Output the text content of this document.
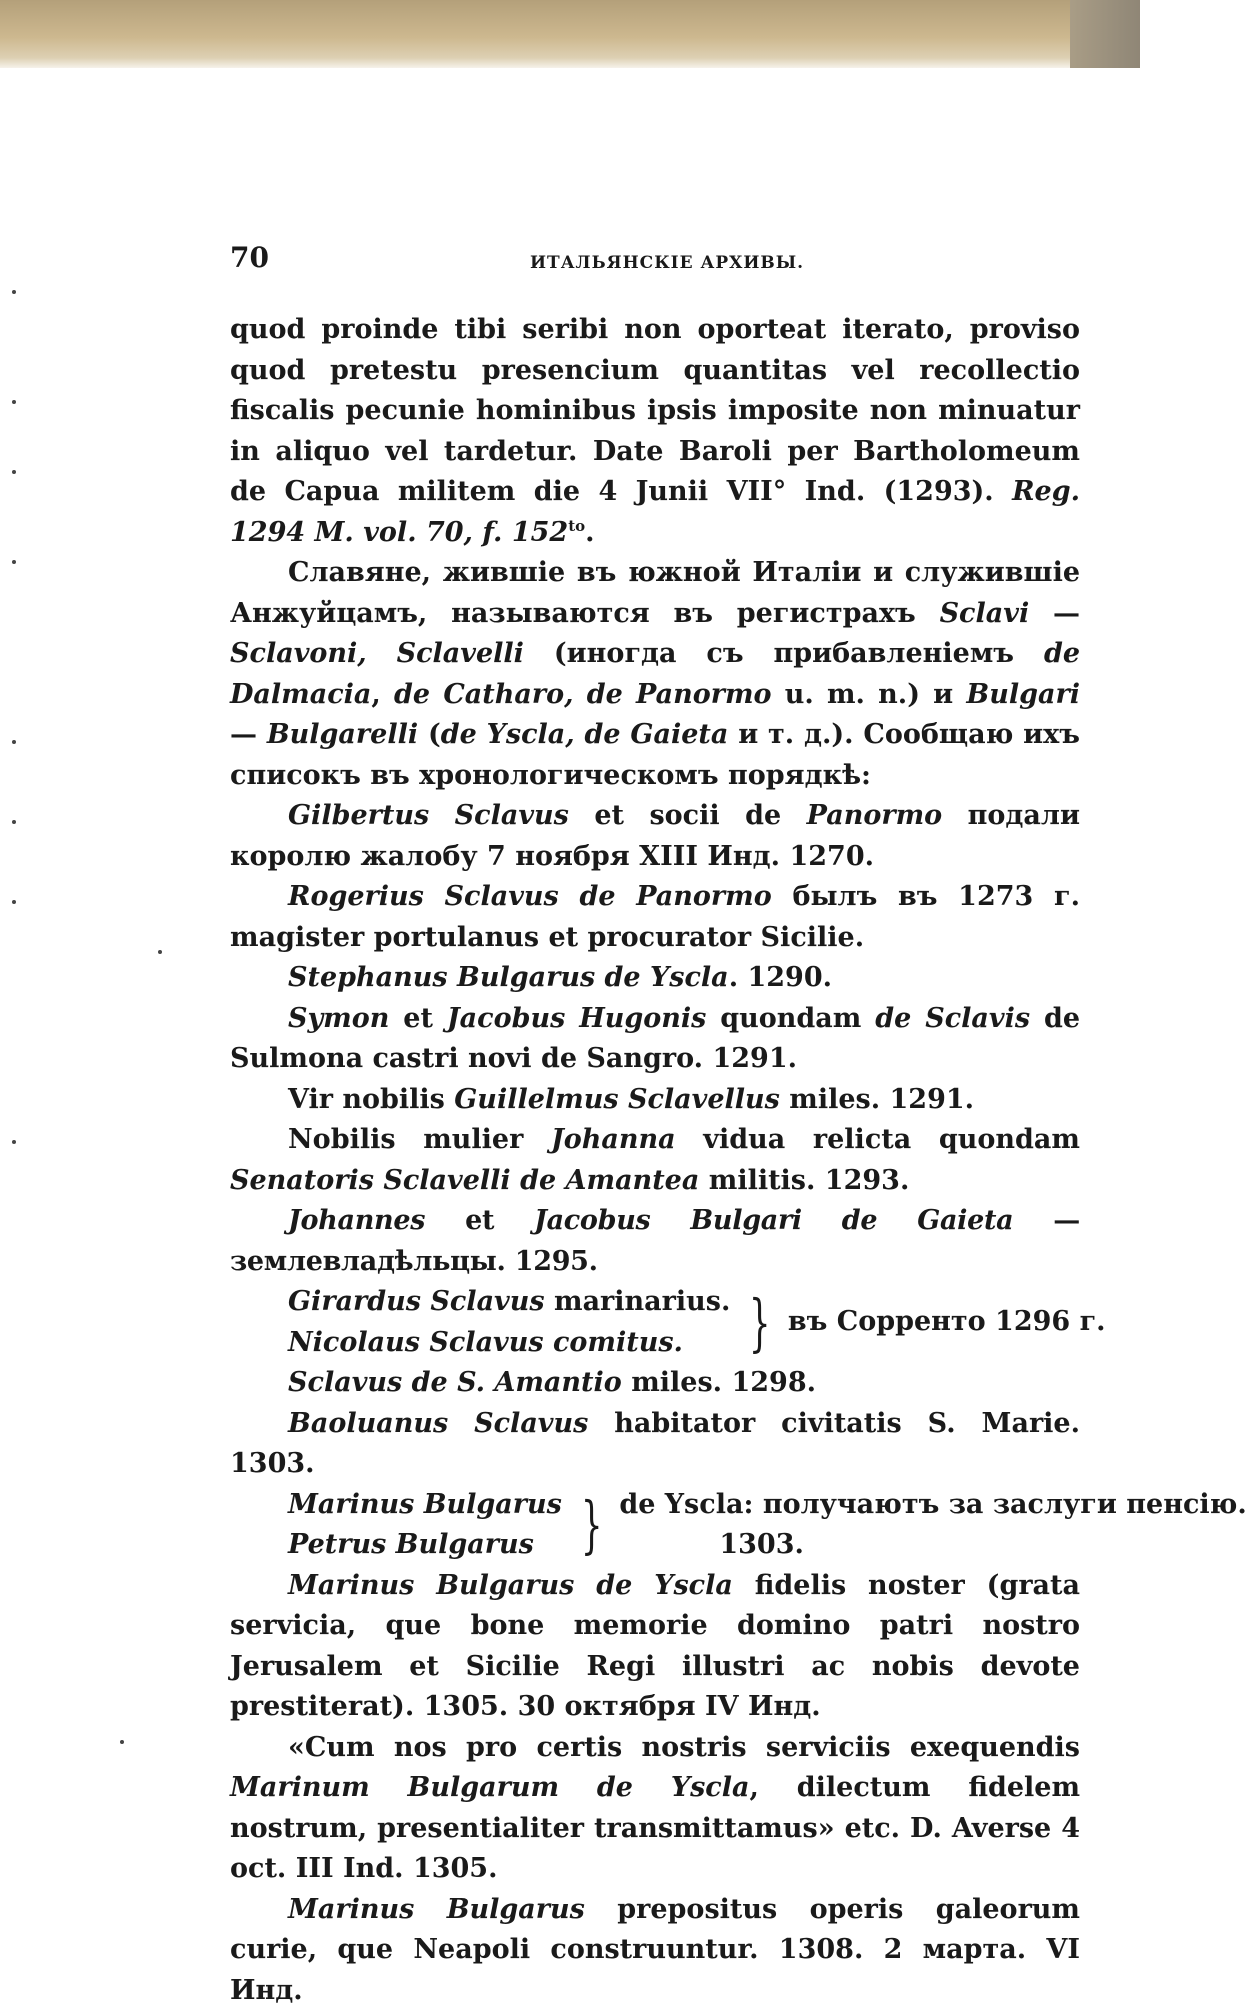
70	ИТАЛЬЯНСКІЕ АРХИВЫ.

quod proinde tibi seribi non oporteat iterato, proviso quod pretestu presencium quantitas vel recollectio fiscalis pecunie hominibus ipsis imposite non minuatur in aliquo vel tardetur. Date Baroli per Bartholomeum de Capua militem die 4 Junii VII° Ind. (1293). Reg. 1294 M. vol. 70, f. $152^{to}$.

Славяне, жившіе въ южной Италіи и служившіе Анжуйцамъ, называются въ регистрахъ Sclavi — Sclavoni, Sclavelli (иногда съ прибавленіемъ de Dalmacia, de Catharo, de Panormo u. m. n.) и Bulgari — Bulgarelli (de Yscla, de Gaieta и т. д.). Сообщаю ихъ списокъ въ хронологическомъ порядкѣ:

Gilbertus Sclavus et socii de Panormo подали королю жалобу 7 ноября XIII Инд. 1270.

Rogerius Sclavus de Panormo былъ въ 1273 г. magister portulanus et procurator Sicilie.

Stephanus Bulgarus de Yscla. 1290.

Symon et Jacobus Hugonis quondam de Sclavis de Sulmona castri novi de Sangro. 1291.

Vir nobilis Guillelmus Sclavellus miles. 1291.

Nobilis mulier Johanna vidua relicta quondam Senatoris Sclavelli de Amantea militis. 1293.

Johannes et Jacobus Bulgari de Gaieta — землевладѣльцы. 1295.

Girardus Sclavus marinarius.
Nicolaus Sclavus comitus.	} въ Сорренто 1296 г.

Sclavus de S. Amantio miles. 1298.

Baoluanus Sclavus habitator civitatis S. Marie. 1303.

Marinus Bulgarus
Petrus Bulgarus } de Yscla: получаютъ за заслуги пенсію.
1303.

Marinus Bulgarus de Yscla fidelis noster (grata servicia, que bone memorie domino patri nostro Jerusalem et Sicilie Regi illustri ac nobis devote prestiterat). 1305. 30 октября IV Инд.

«Cum nos pro certis nostris serviciis exequendis Marinum Bulgarum de Yscla, dilectum fidelem nostrum, presentialiter transmittamus» etc. D. Averse 4 oct. III Ind. 1305.

Marinus Bulgarus prepositus operis galeorum curie, que Neapoli construuntur. 1308. 2 марта. VI Инд.
